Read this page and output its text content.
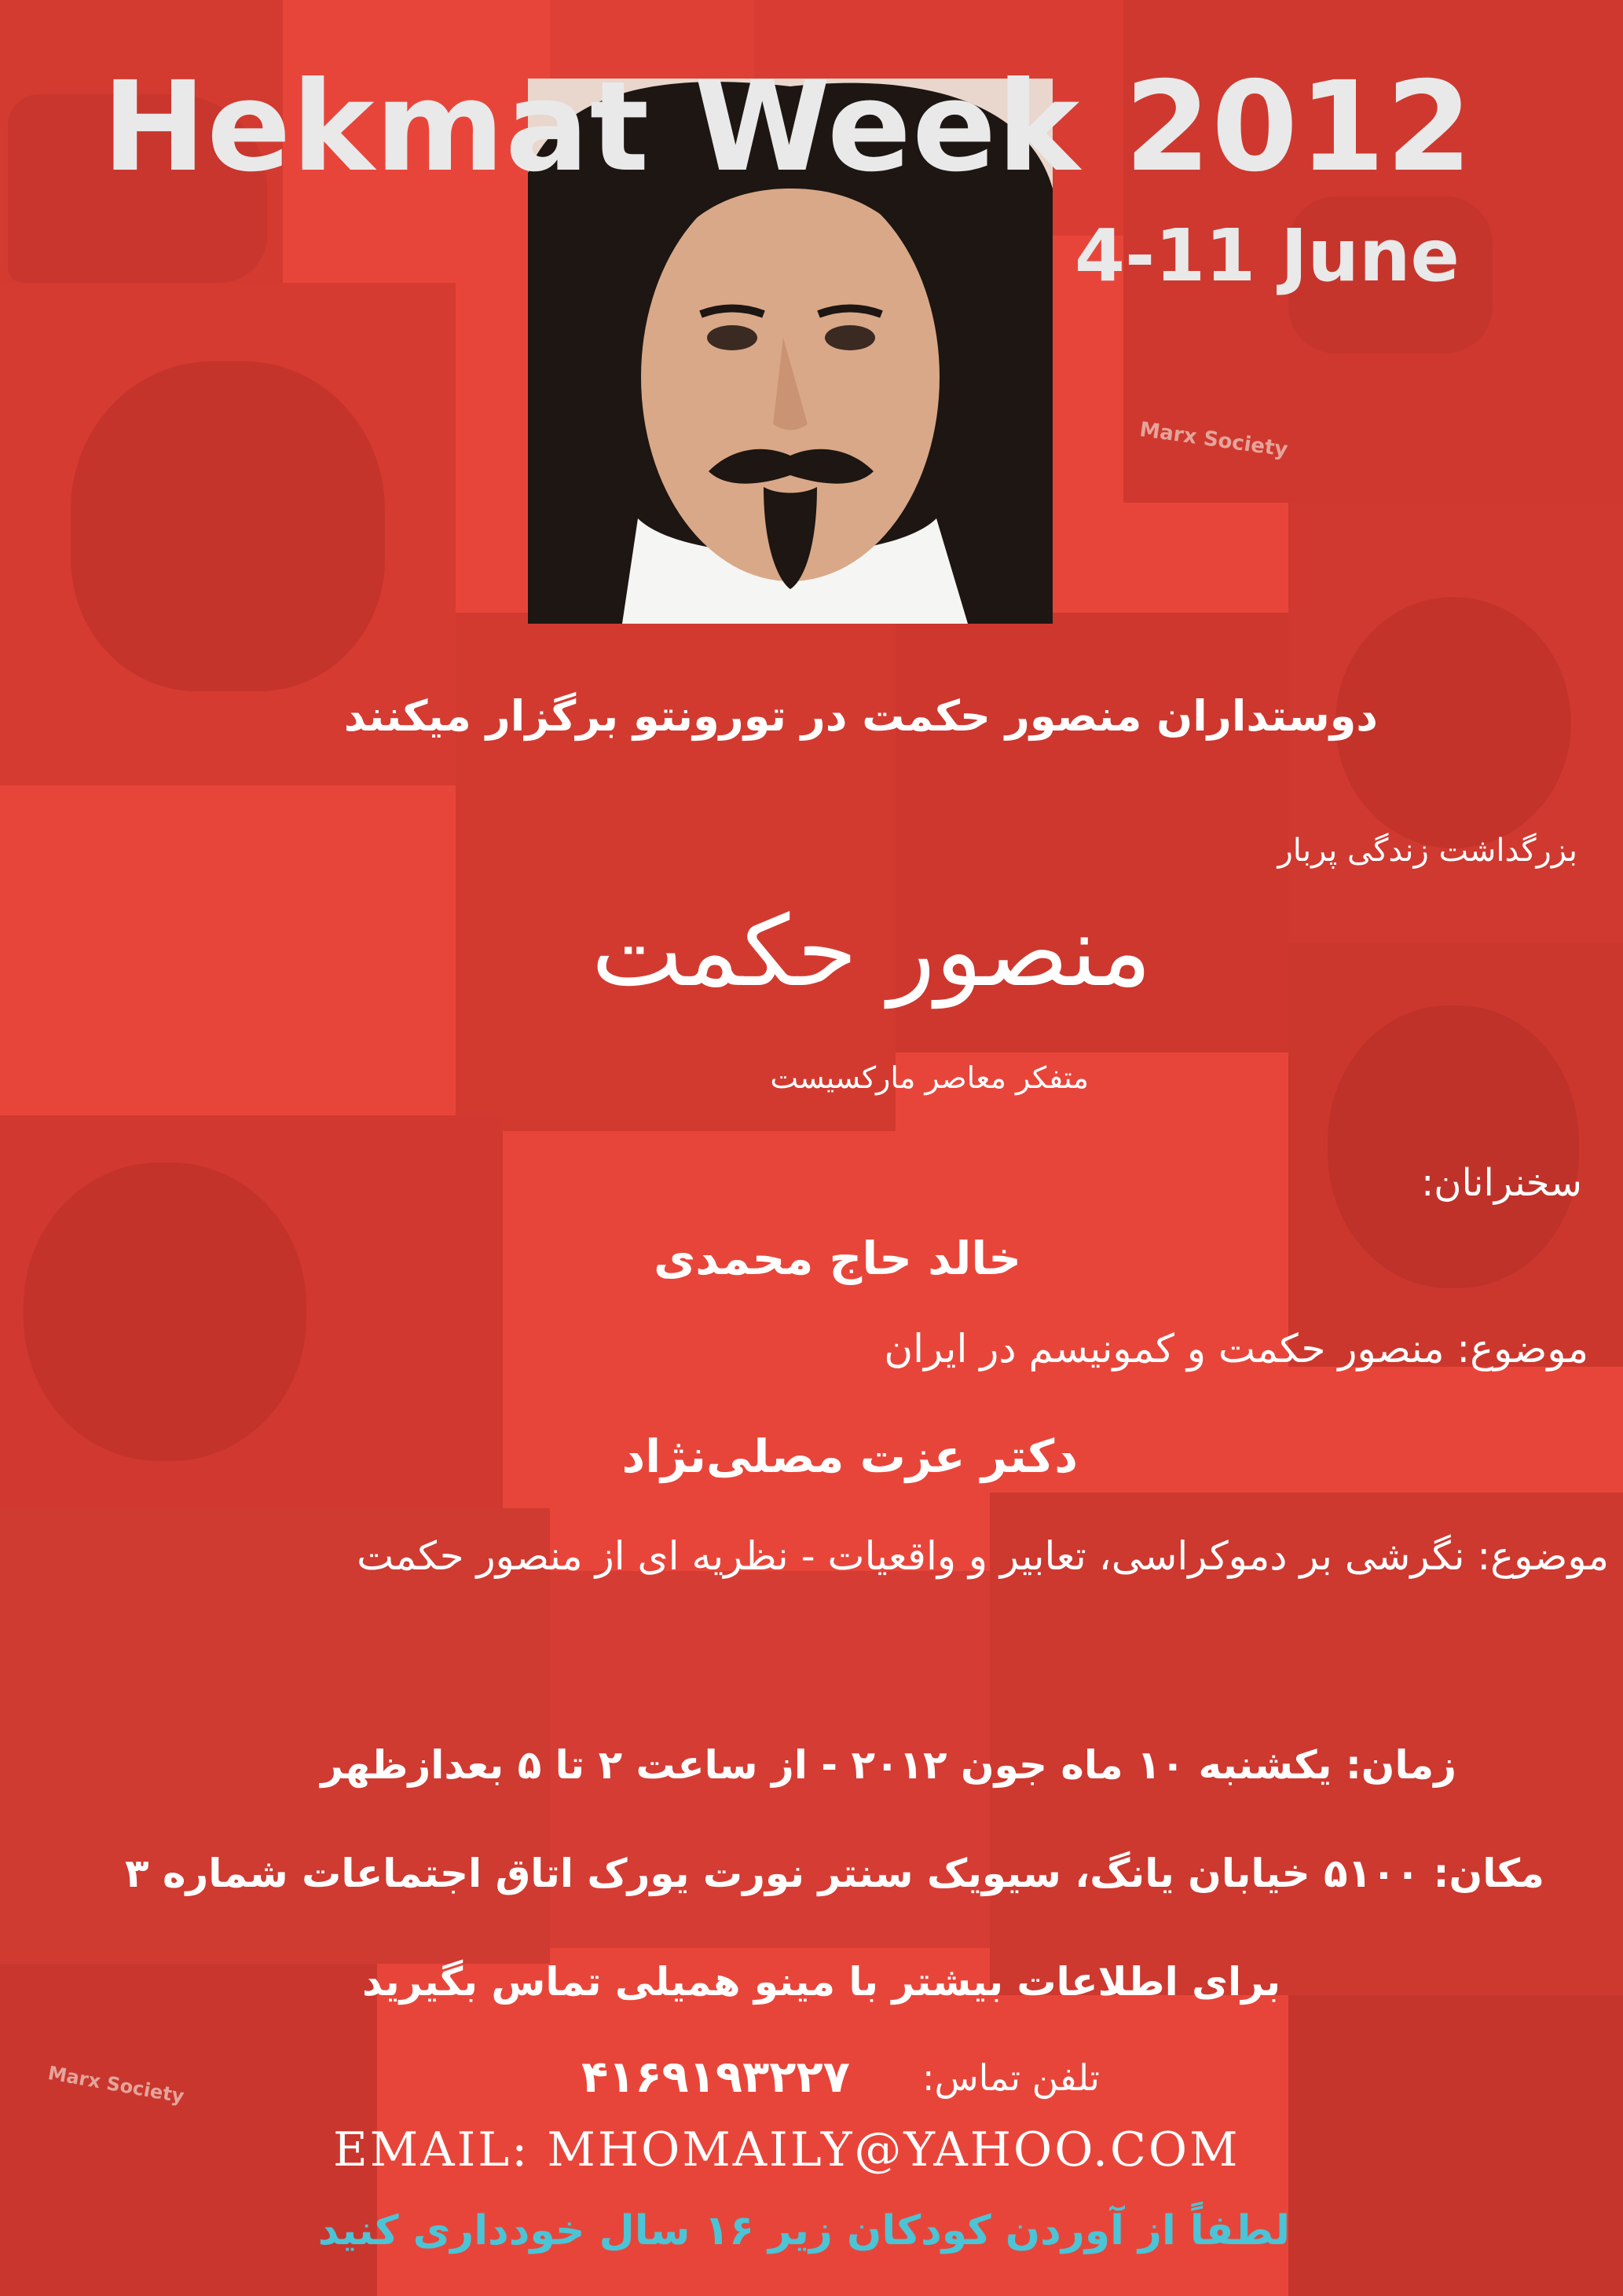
Marx Society
Marx Society
Hekmat Week 2012
4-11 June
دوستداران منصور حکمت در تورونتو برگزار میکنند
بزرگداشت زندگی پربار
منصور حکمت
متفکر معاصر مارکسیست
سخنرانان:
خالد حاج محمدی
موضوع: منصور حکمت و کمونیسم در ایران
دکتر عزت مصلی‌نژاد
موضوع: نگرشی بر دموکراسی، تعابیر و واقعیات - نظریه ای از منصور حکمت
زمان: یکشنبه ۱۰ ماه جون ۲۰۱۲ - از ساعت ۲ تا ۵ بعدازظهر
مکان: ۵۱۰۰ خیابان یانگ، سیویک سنتر نورت یورک اتاق اجتماعات شماره ۳
برای اطلاعات بیشتر با مینو همیلی تماس بگیرید
تلفن تماس:
۴۱۶۹۱۹۳۲۲۷
EMAIL: MHOMAILY@YAHOO.COM
لطفاً از آوردن کودکان زیر ۱۶ سال خودداری کنید
